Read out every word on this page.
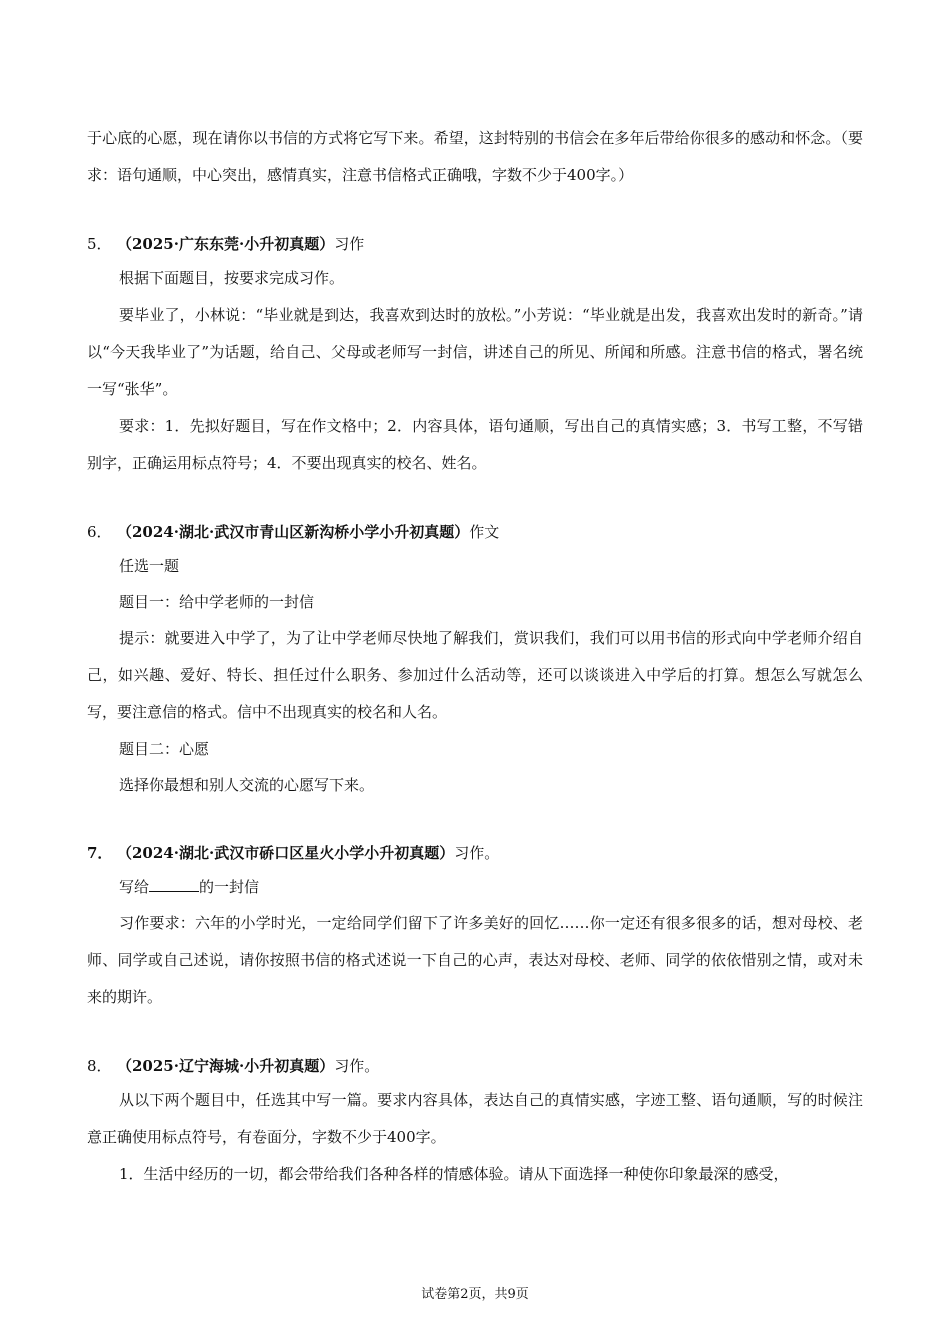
于心底的心愿，现在请你以书信的方式将它写下来。希望，这封特别的书信会在多年后带给你很多的感动和怀念。（要求：语句通顺，中心突出，感情真实，注意书信格式正确哦，字数不少于400字。）

5． （2025·广东东莞·小升初真题）习作

根据下面题目，按要求完成习作。

要毕业了，小林说：“毕业就是到达，我喜欢到达时的放松。”小芳说：“毕业就是出发，我喜欢出发时的新奇。”请以“今天我毕业了”为话题，给自己、父母或老师写一封信，讲述自己的所见、所闻和所感。注意书信的格式，署名统一写“张华”。

要求：1．先拟好题目，写在作文格中；2．内容具体，语句通顺，写出自己的真情实感；3．书写工整，不写错别字，正确运用标点符号；4．不要出现真实的校名、姓名。

6． （2024·湖北·武汉市青山区新沟桥小学小升初真题）作文

任选一题

题目一：给中学老师的一封信

提示：就要进入中学了，为了让中学老师尽快地了解我们，赏识我们，我们可以用书信的形式向中学老师介绍自己，如兴趣、爱好、特长、担任过什么职务、参加过什么活动等，还可以谈谈进入中学后的打算。想怎么写就怎么写，要注意信的格式。信中不出现真实的校名和人名。

题目二：心愿

选择你最想和别人交流的心愿写下来。

7． （2024·湖北·武汉市硚口区星火小学小升初真题）习作。

写给	的一封信

习作要求：六年的小学时光，一定给同学们留下了许多美好的回忆……你一定还有很多很多的话，想对母校、老师、同学或自己述说，请你按照书信的格式述说一下自己的心声，表达对母校、老师、同学的依依惜别之情，或对未来的期许。

8． （2025·辽宁海城·小升初真题）习作。

从以下两个题目中，任选其中写一篇。要求内容具体，表达自己的真情实感，字迹工整、语句通顺，写的时候注意正确使用标点符号，有卷面分，字数不少于400字。

1．生活中经历的一切，都会带给我们各种各样的情感体验。请从下面选择一种使你印象最深的感受，

试卷第2页，共9页
